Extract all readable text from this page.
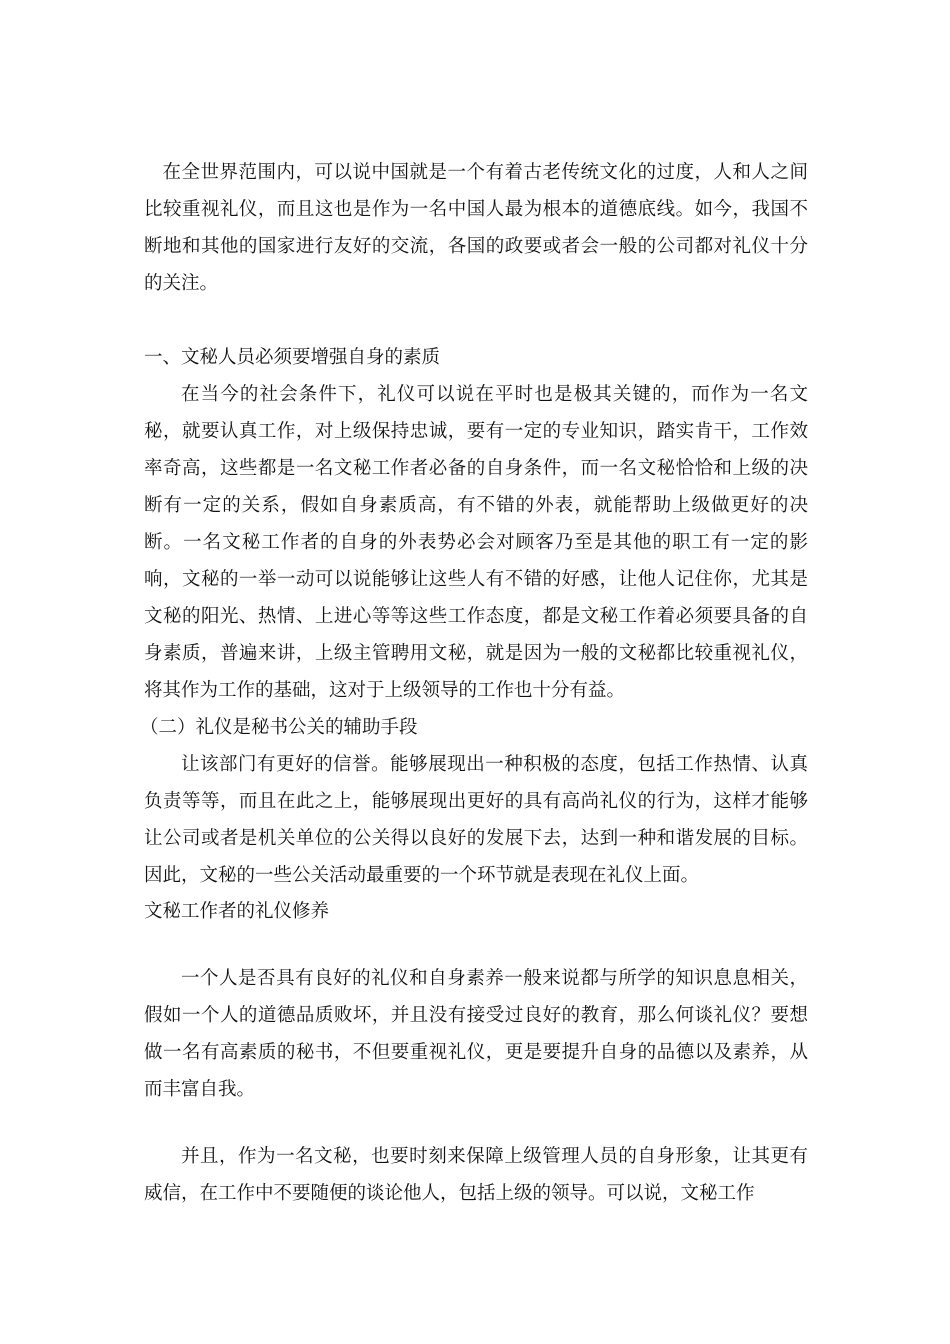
在全世界范围内，可以说中国就是一个有着古老传统文化的过度，人和人之间比较重视礼仪，而且这也是作为一名中国人最为根本的道德底线。如今，我国不断地和其他的国家进行友好的交流，各国的政要或者会一般的公司都对礼仪十分的关注。

一、文秘人员必须要增强自身的素质

在当今的社会条件下，礼仪可以说在平时也是极其关键的，而作为一名文秘，就要认真工作，对上级保持忠诚，要有一定的专业知识，踏实肯干，工作效率奇高，这些都是一名文秘工作者必备的自身条件，而一名文秘恰恰和上级的决断有一定的关系，假如自身素质高，有不错的外表，就能帮助上级做更好的决断。一名文秘工作者的自身的外表势必会对顾客乃至是其他的职工有一定的影响，文秘的一举一动可以说能够让这些人有不错的好感，让他人记住你，尤其是文秘的阳光、热情、上进心等等这些工作态度，都是文秘工作着必须要具备的自身素质，普遍来讲，上级主管聘用文秘，就是因为一般的文秘都比较重视礼仪，将其作为工作的基础，这对于上级领导的工作也十分有益。

（二）礼仪是秘书公关的辅助手段

让该部门有更好的信誉。能够展现出一种积极的态度，包括工作热情、认真负责等等，而且在此之上，能够展现出更好的具有高尚礼仪的行为，这样才能够让公司或者是机关单位的公关得以良好的发展下去，达到一种和谐发展的目标。因此，文秘的一些公关活动最重要的一个环节就是表现在礼仪上面。

文秘工作者的礼仪修养

一个人是否具有良好的礼仪和自身素养一般来说都与所学的知识息息相关，假如一个人的道德品质败坏，并且没有接受过良好的教育，那么何谈礼仪？要想做一名有高素质的秘书，不但要重视礼仪，更是要提升自身的品德以及素养，从而丰富自我。

并且，作为一名文秘，也要时刻来保障上级管理人员的自身形象，让其更有威信，在工作中不要随便的谈论他人，包括上级的领导。可以说，文秘工作
